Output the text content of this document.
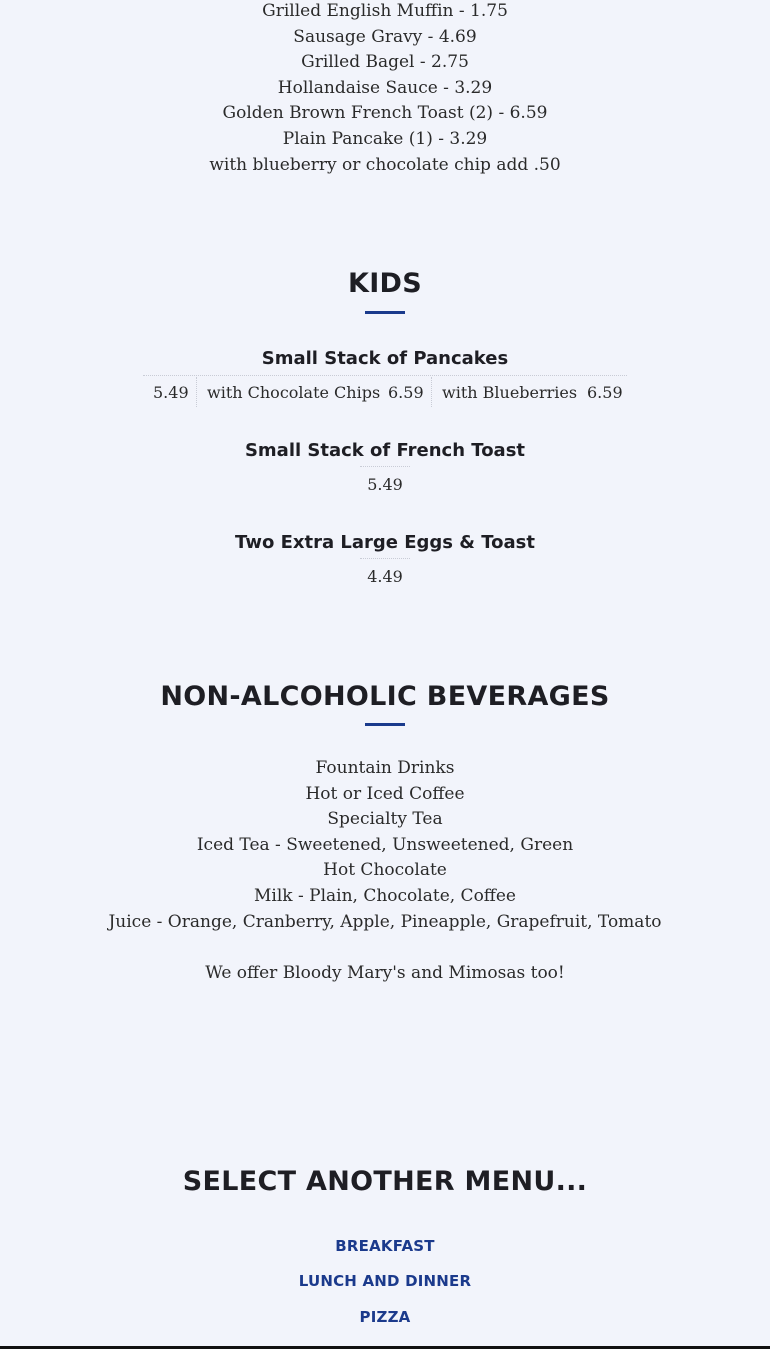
Grilled English Muffin - 1.75
Sausage Gravy - 4.69
Grilled Bagel - 2.75
Hollandaise Sauce - 3.29
Golden Brown French Toast (2) - 6.59
Plain Pancake (1) - 3.29
with blueberry or chocolate chip add .50
KIDS
Small Stack of Pancakes
5.49 with Chocolate Chips 6.59 with Blueberries 6.59
Small Stack of French Toast
5.49
Two Extra Large Eggs & Toast
4.49
NON-ALCOHOLIC BEVERAGES
Fountain Drinks
Hot or Iced Coffee
Specialty Tea
Iced Tea - Sweetened, Unsweetened, Green
Hot Chocolate
Milk - Plain, Chocolate, Coffee
Juice - Orange, Cranberry, Apple, Pineapple, Grapefruit, Tomato
We offer Bloody Mary's and Mimosas too!
SELECT ANOTHER MENU...
BREAKFAST
LUNCH AND DINNER
PIZZA
